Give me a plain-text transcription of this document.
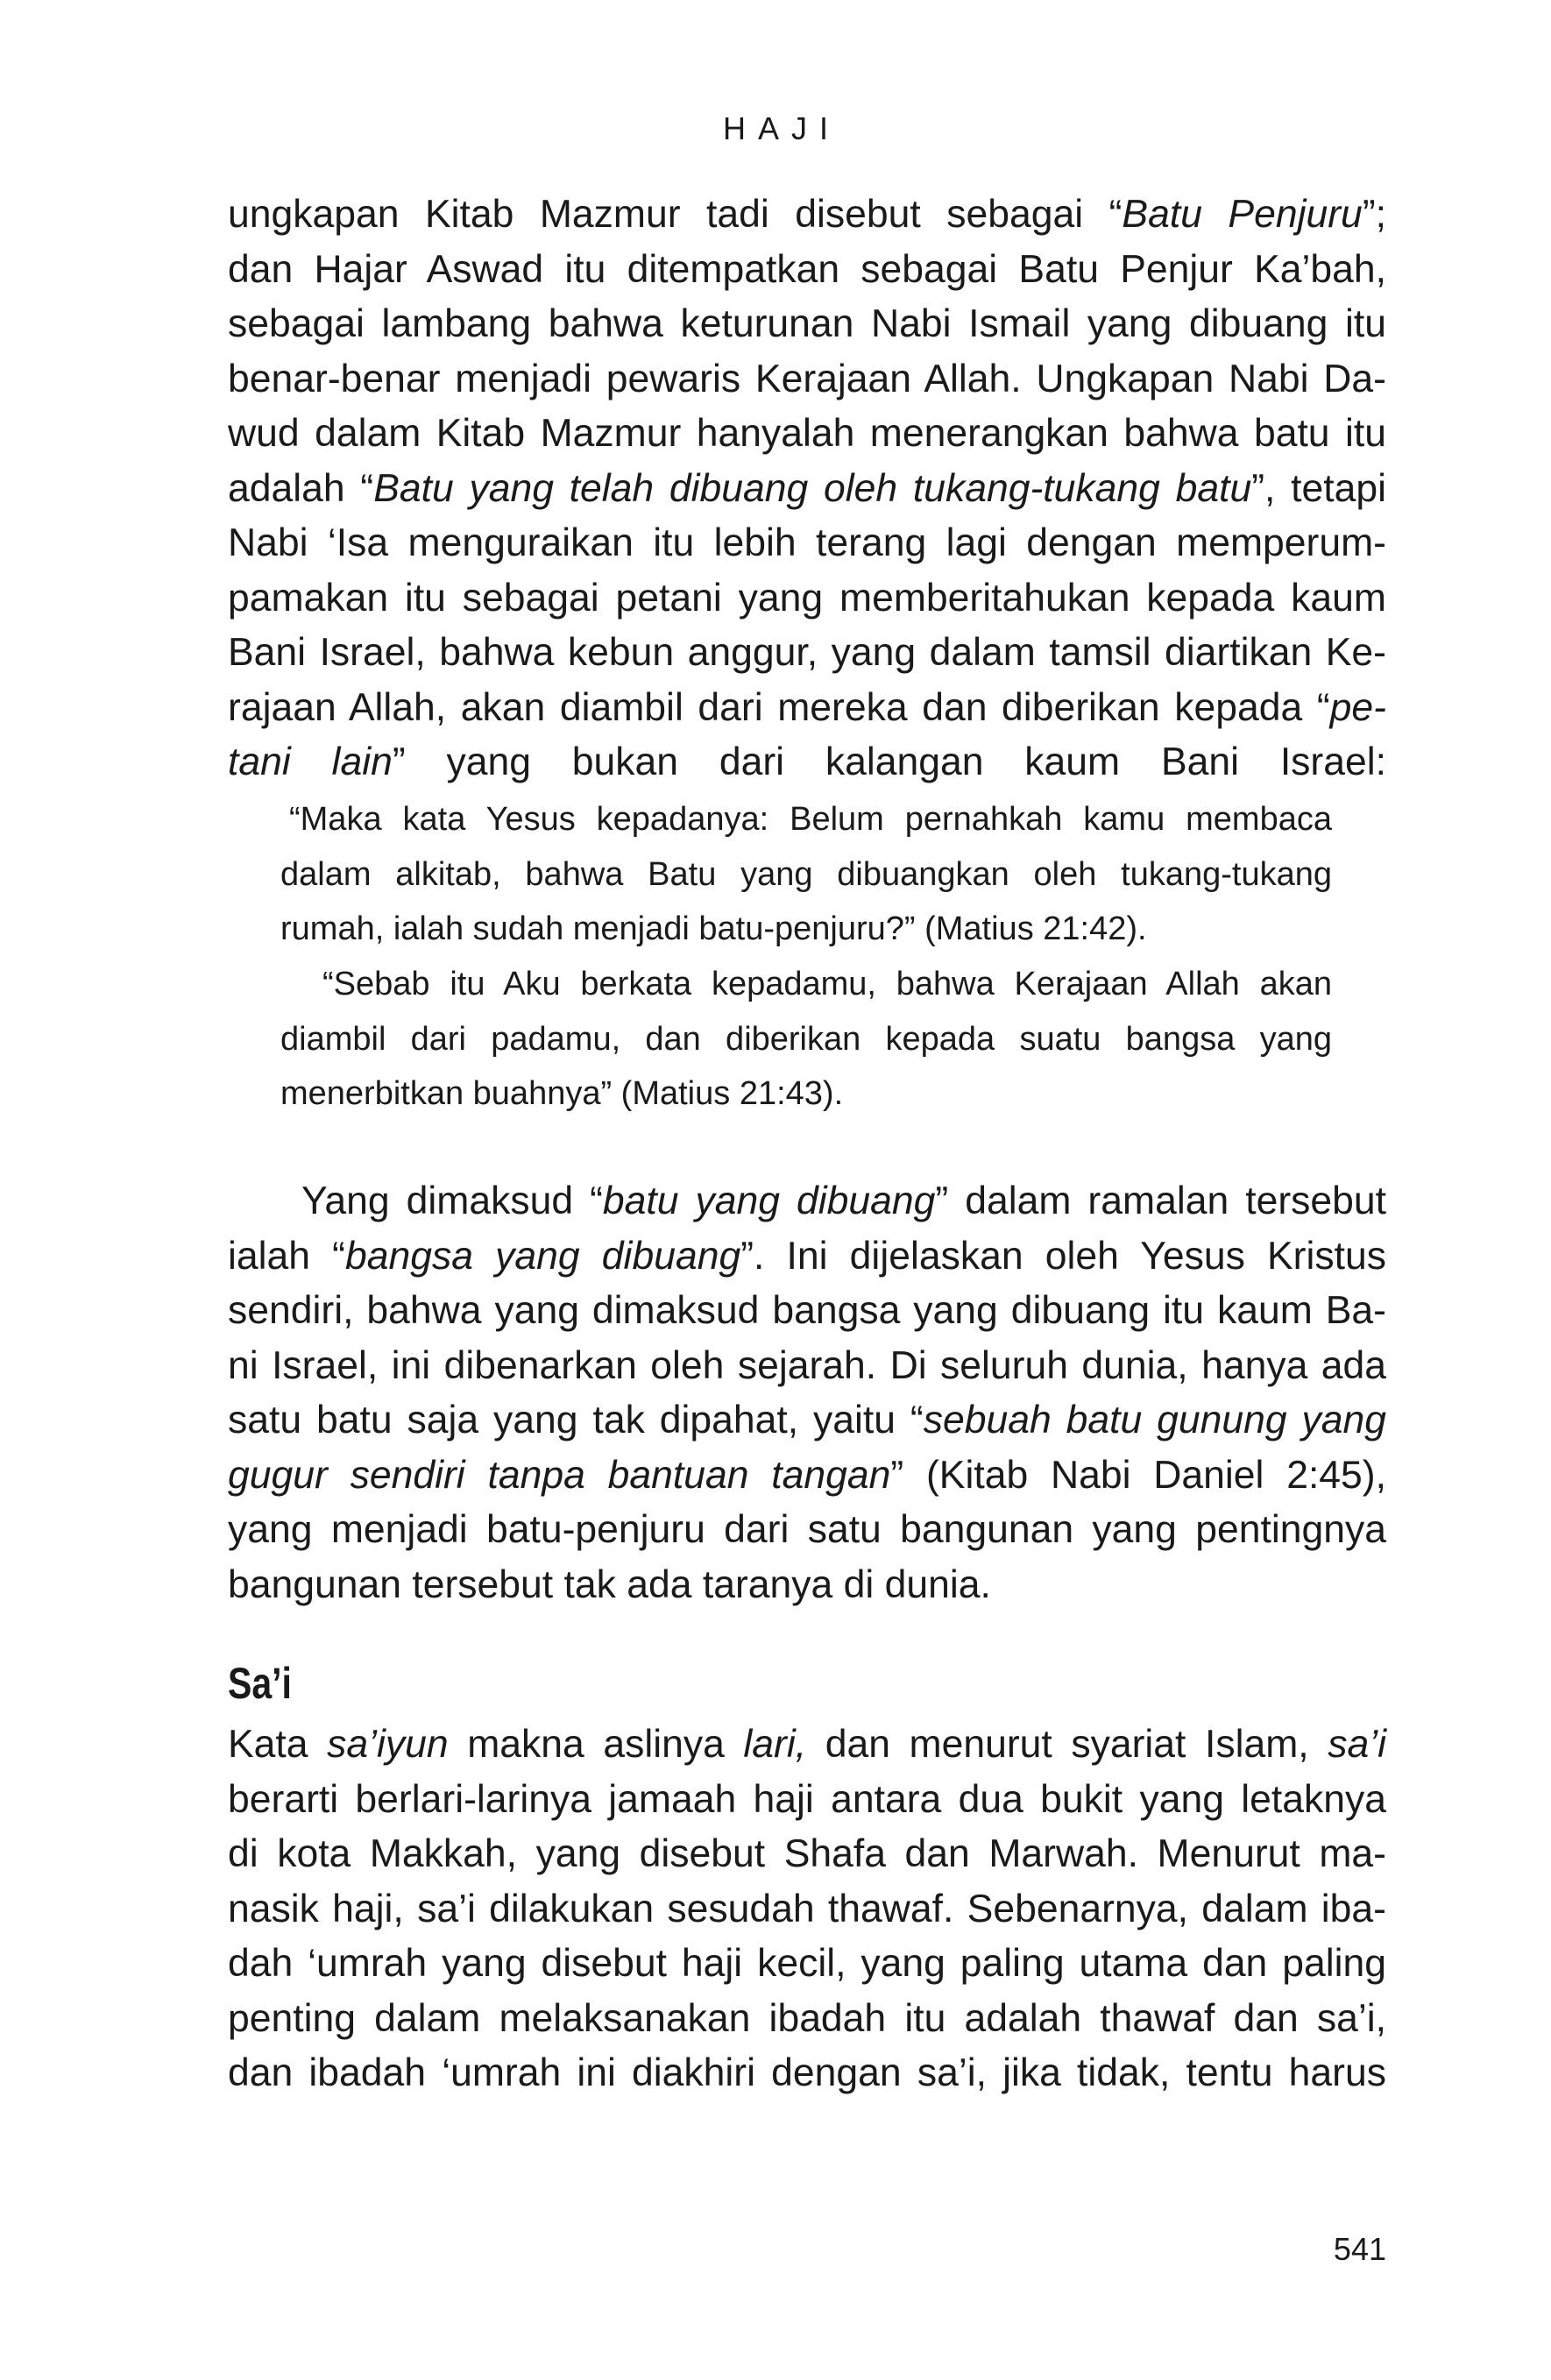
HAJI
ungkapan Kitab Mazmur tadi disebut sebagai “Batu Penjuru”;
dan Hajar Aswad itu ditempatkan sebagai Batu Penjur Ka’bah,
sebagai lambang bahwa keturunan Nabi Ismail yang dibuang itu
benar-benar menjadi pewaris Kerajaan Allah. Ungkapan Nabi Da-
wud dalam Kitab Mazmur hanyalah menerangkan bahwa batu itu
adalah “Batu yang telah dibuang oleh tukang-tukang batu”, tetapi
Nabi ‘Isa menguraikan itu lebih terang lagi dengan memperum-
pamakan itu sebagai petani yang memberitahukan kepada kaum
Bani Israel, bahwa kebun anggur, yang dalam tamsil diartikan Ke-
rajaan Allah, akan diambil dari mereka dan diberikan kepada “pe-
tani lain” yang bukan dari kalangan kaum Bani Israel:
“Maka kata Yesus kepadanya: Belum pernahkah kamu membaca
dalam alkitab, bahwa Batu yang dibuangkan oleh tukang-tukang
rumah, ialah sudah menjadi batu-penjuru?” (Matius 21:42).
“Sebab itu Aku berkata kepadamu, bahwa Kerajaan Allah akan
diambil dari padamu, dan diberikan kepada suatu bangsa yang
menerbitkan buahnya” (Matius 21:43).
Yang dimaksud “batu yang dibuang” dalam ramalan tersebut
ialah “bangsa yang dibuang”. Ini dijelaskan oleh Yesus Kristus
sendiri, bahwa yang dimaksud bangsa yang dibuang itu kaum Ba-
ni Israel, ini dibenarkan oleh sejarah. Di seluruh dunia, hanya ada
satu batu saja yang tak dipahat, yaitu “sebuah batu gunung yang
gugur sendiri tanpa bantuan tangan” (Kitab Nabi Daniel 2:45),
yang menjadi batu-penjuru dari satu bangunan yang pentingnya
bangunan tersebut tak ada taranya di dunia.
Sa’i
Kata sa’iyun makna aslinya lari, dan menurut syariat Islam, sa’i
berarti berlari-larinya jamaah haji antara dua bukit yang letaknya
di kota Makkah, yang disebut Shafa dan Marwah. Menurut ma-
nasik haji, sa’i dilakukan sesudah thawaf. Sebenarnya, dalam iba-
dah ‘umrah yang disebut haji kecil, yang paling utama dan paling
penting dalam melaksanakan ibadah itu adalah thawaf dan sa’i,
dan ibadah ‘umrah ini diakhiri dengan sa’i, jika tidak, tentu harus
541
